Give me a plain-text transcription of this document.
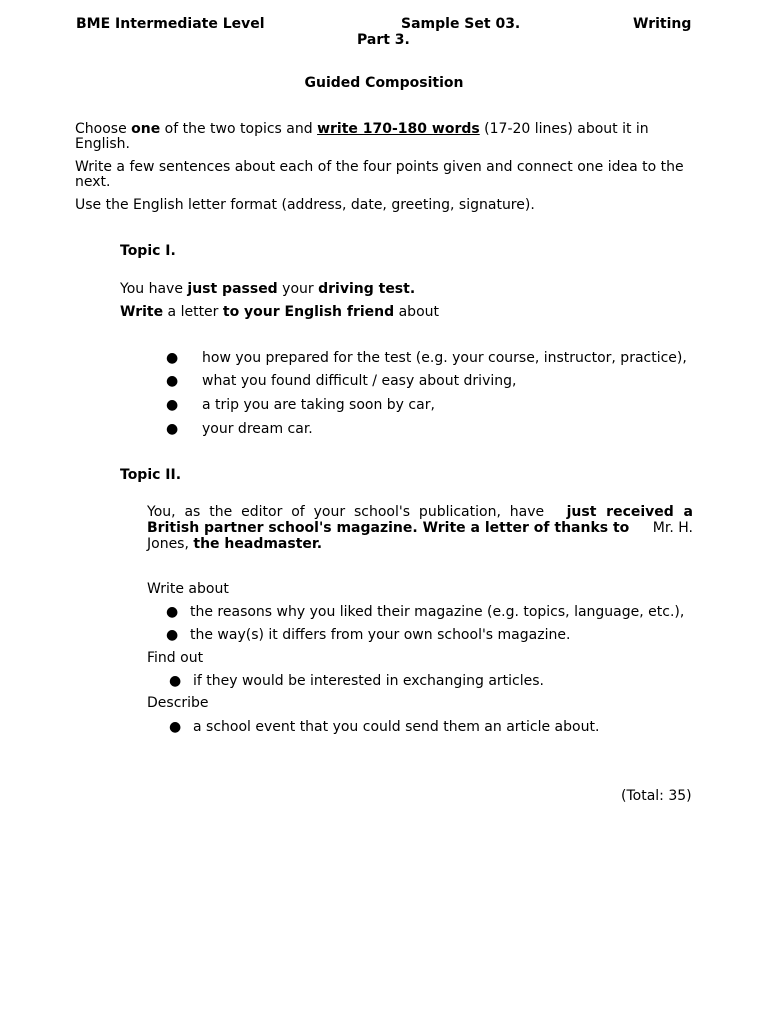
BME Intermediate Level	Sample Set 03.	Writing
Part 3.
Guided Composition
Choose one of the two topics and write 170-180 words (17-20 lines) about it in
English.
Write a few sentences about each of the four points given and connect one idea to the
next.
Use the English letter format (address, date, greeting, signature).
Topic I.
You have just passed your driving test.
Write a letter to your English friend about
● how you prepared for the test (e.g. your course, instructor, practice),
● what you found difficult / easy about driving,
● a trip you are taking soon by car,
● your dream car.
Topic II.
You,  as  the  editor  of  your  school's  publication,  have just  received  a
British partner school's magazine. Write a letter of thanks to Mr. H.
Jones, the headmaster.
Write about
● the reasons why you liked their magazine (e.g. topics, language, etc.),
● the way(s) it differs from your own school's magazine.
Find out
● if they would be interested in exchanging articles.
Describe
● a school event that you could send them an article about.
(Total: 35)
